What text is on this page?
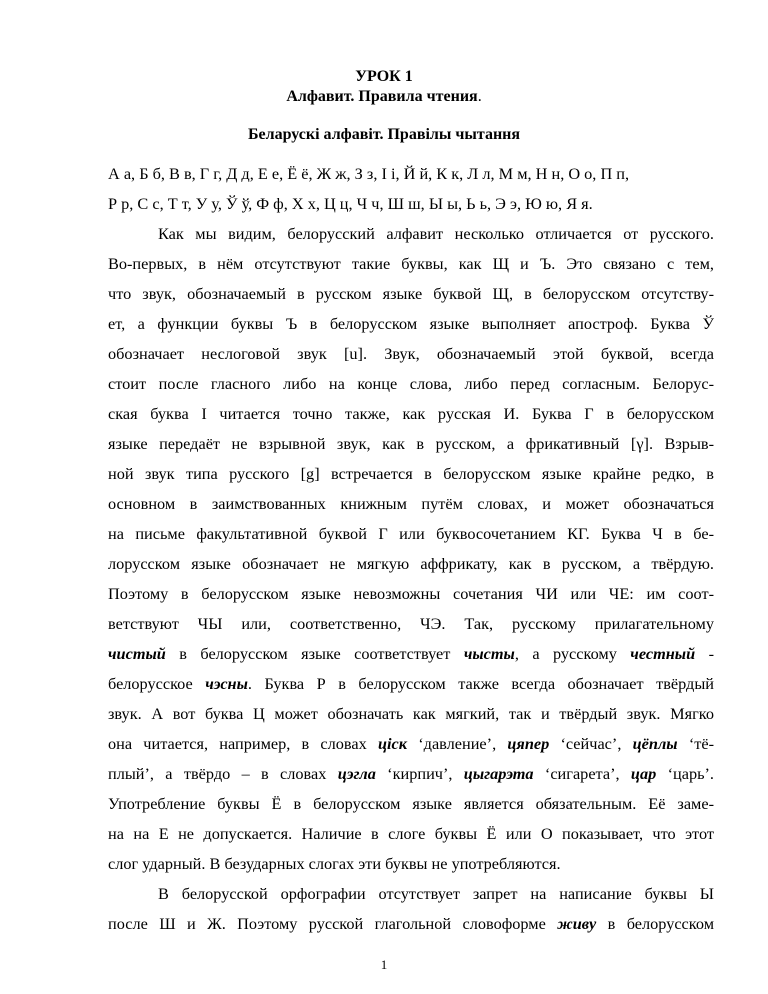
УРОК 1
Алфавит. Правила чтения.
Беларускі алфавіт. Правілы чытання
А а, Б б, В в, Г г, Д д, Е е, Ё ё, Ж ж, З з, І і, Й й, К к, Л л, М м, Н н, О о, П п,
Р р, С с, Т т, У у, Ў ў, Ф ф, Х х, Ц ц, Ч ч, Ш ш, Ы ы, Ь ь, Э э, Ю ю, Я я.
Как мы видим, белорусский алфавит несколько отличается от русского.
Во-первых, в нём отсутствуют такие буквы, как Щ и Ъ. Это связано с тем,
что звук, обозначаемый в русском языке буквой Щ, в белорусском отсутству-
ет, а функции буквы Ъ в белорусском языке выполняет апостроф. Буква Ў
обозначает неслоговой звук [u]. Звук, обозначаемый этой буквой, всегда
стоит после гласного либо на конце слова, либо перед согласным. Белорус-
ская буква І читается точно также, как русская И. Буква Г в белорусском
языке передаёт не взрывной звук, как в русском, а фрикативный [γ]. Взрыв-
ной звук типа русского [g] встречается в белорусском языке крайне редко, в
основном в заимствованных книжным путём словах, и может обозначаться
на письме факультативной буквой Г или буквосочетанием КГ. Буква Ч в бе-
лорусском языке обозначает не мягкую аффрикату, как в русском, а твёрдую.
Поэтому в белорусском языке невозможны сочетания ЧИ или ЧЕ: им соот-
ветствуют ЧЫ или, соответственно, ЧЭ. Так, русскому прилагательному
чистый в белорусском языке соответствует чысты, а русскому честный -
белорусское чэсны. Буква Р в белорусском также всегда обозначает твёрдый
звук. А вот буква Ц может обозначать как мягкий, так и твёрдый звук. Мягко
она читается, например, в словах ціск ‘давление’, цяпер ‘сейчас’, цёплы ‘тё-
плый’, а твёрдо – в словах цэгла ‘кирпич’, цыгарэта ‘сигарета’, цар ‘царь’.
Употребление буквы Ё в белорусском языке является обязательным. Её заме-
на на Е не допускается. Наличие в слоге буквы Ё или О показывает, что этот
слог ударный. В безударных слогах эти буквы не употребляются.
В белорусской орфографии отсутствует запрет на написание буквы Ы
после Ш и Ж. Поэтому русской глагольной словоформе живу в белорусском
1
